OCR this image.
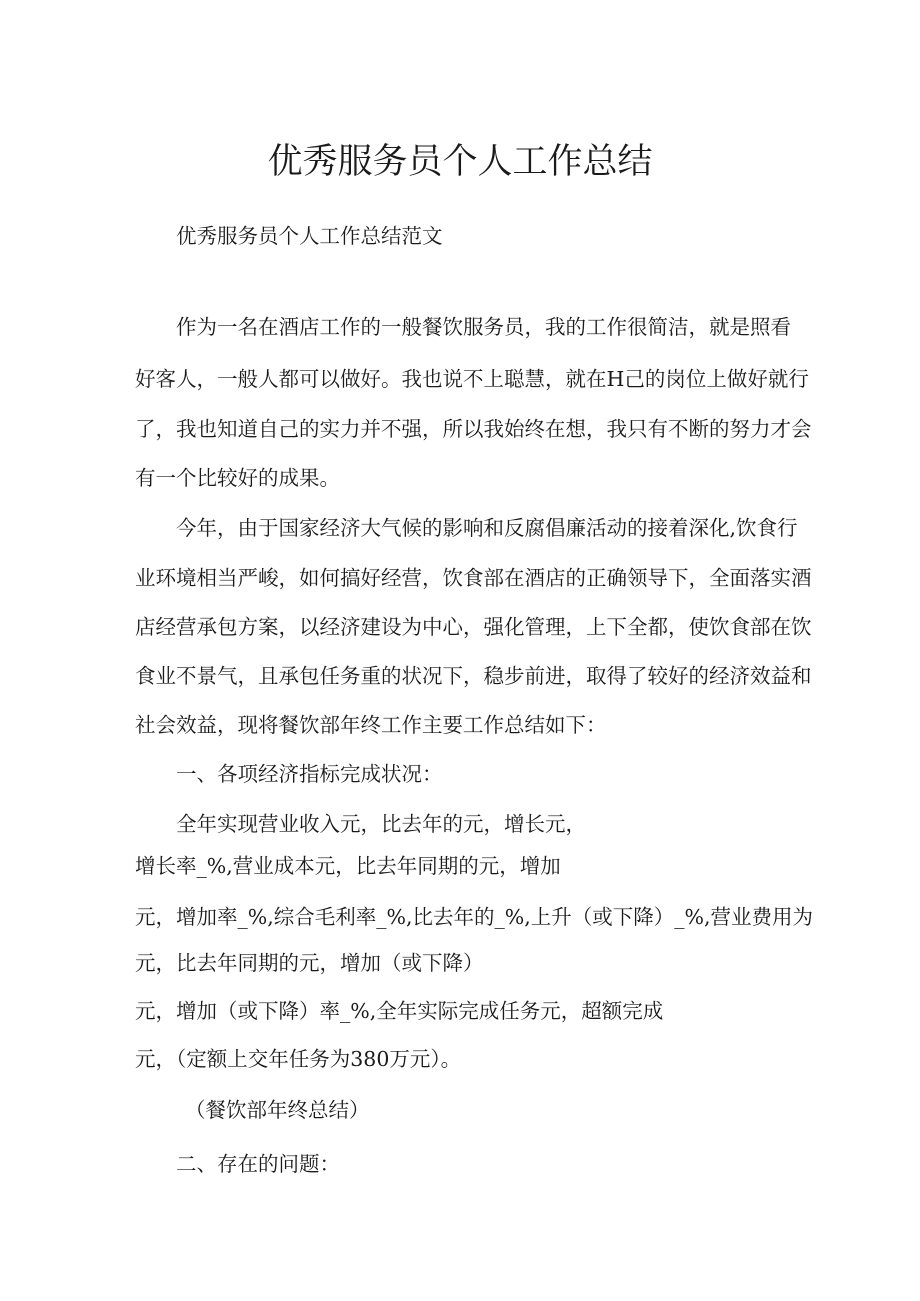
优秀服务员个人工作总结

优秀服务员个人工作总结范文

作为一名在酒店工作的一般餐饮服务员，我的工作很简洁，就是照看

好客人，一般人都可以做好。我也说不上聪慧，就在H己的岗位上做好就行

了，我也知道自己的实力并不强，所以我始终在想，我只有不断的努力才会

有一个比较好的成果。

今年，由于国家经济大气候的影响和反腐倡廉活动的接着深化,饮食行

业环境相当严峻，如何搞好经营，饮食部在酒店的正确领导下，全面落实酒

店经营承包方案，以经济建设为中心，强化管理，上下全都，使饮食部在饮

食业不景气，且承包任务重的状况下，稳步前进，取得了较好的经济效益和

社会效益，现将餐饮部年终工作主要工作总结如下：

一、各项经济指标完成状况：

全年实现营业收入元，比去年的元，增长元，

增长率_%,营业成本元，比去年同期的元，增加

元，增加率_%,综合毛利率_%,比去年的_%,上升（或下降）_%,营业费用为

元，比去年同期的元，增加（或下降）

元，增加（或下降）率_%,全年实际完成任务元，超额完成

元，（定额上交年任务为380万元）。

（餐饮部年终总结）

二、存在的问题：
